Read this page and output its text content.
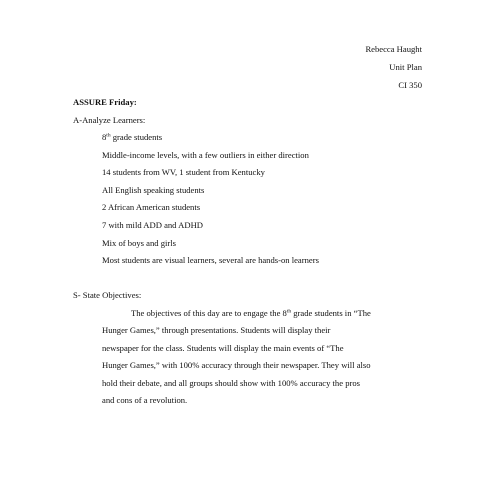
Rebecca Haught
Unit Plan
CI 350
ASSURE Friday:
A-Analyze Learners:
8th grade students
Middle-income levels, with a few outliers in either direction
14 students from WV, 1 student from Kentucky
All English speaking students
2 African American students
7 with mild ADD and ADHD
Mix of boys and girls
Most students are visual learners, several are hands-on learners
S- State Objectives:
The objectives of this day are to engage the 8th grade students in “The
Hunger Games,” through presentations. Students will display their
newspaper for the class. Students will display the main events of “The
Hunger Games,” with 100% accuracy through their newspaper. They will also
hold their debate, and all groups should show with 100% accuracy the pros
and cons of a revolution.
